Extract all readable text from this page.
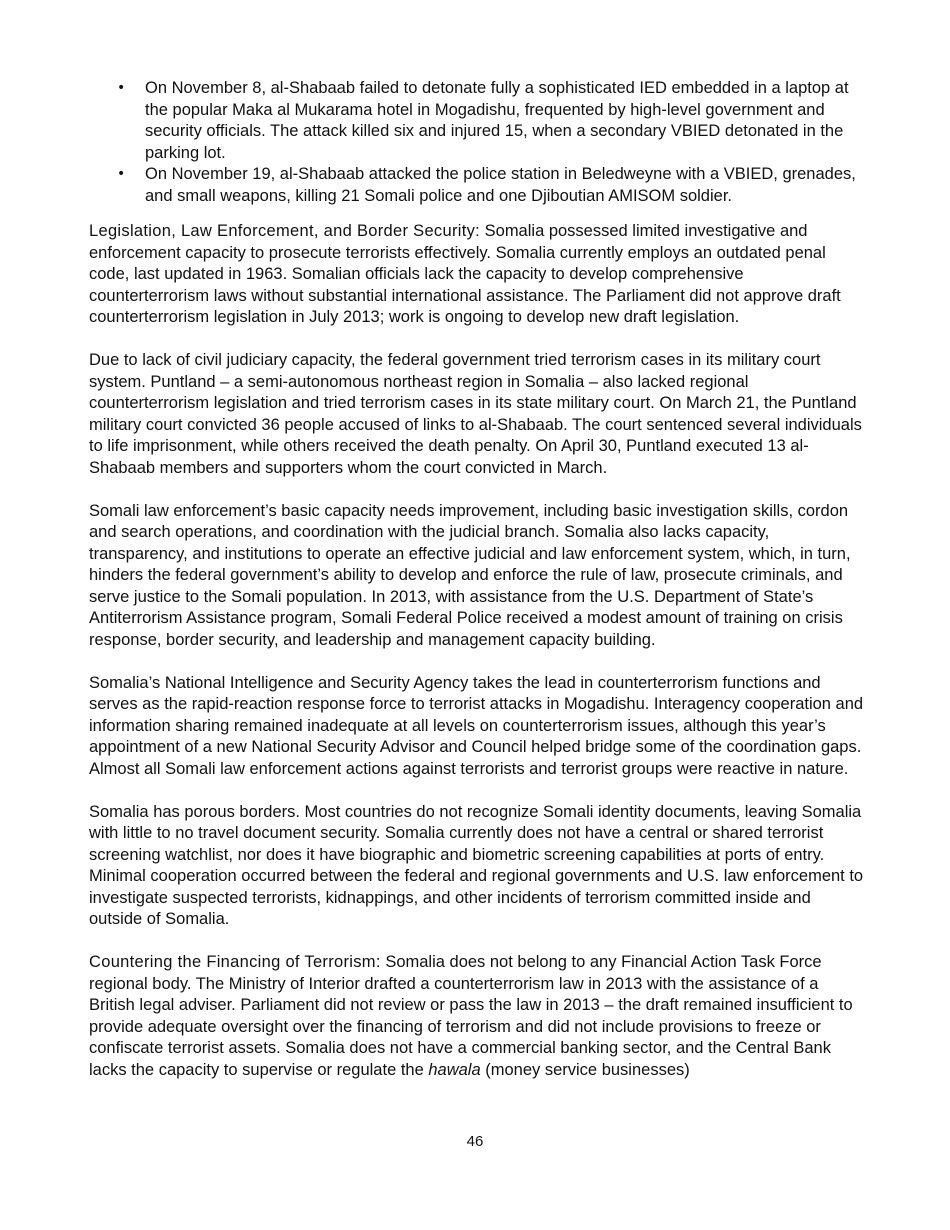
• On November 8, al-Shabaab failed to detonate fully a sophisticated IED embedded in a laptop at the popular Maka al Mukarama hotel in Mogadishu, frequented by high-level government and security officials. The attack killed six and injured 15, when a secondary VBIED detonated in the parking lot.
• On November 19, al-Shabaab attacked the police station in Beledweyne with a VBIED, grenades, and small weapons, killing 21 Somali police and one Djiboutian AMISOM soldier.

Legislation, Law Enforcement, and Border Security: Somalia possessed limited investigative and enforcement capacity to prosecute terrorists effectively. Somalia currently employs an outdated penal code, last updated in 1963. Somalian officials lack the capacity to develop comprehensive counterterrorism laws without substantial international assistance. The Parliament did not approve draft counterterrorism legislation in July 2013; work is ongoing to develop new draft legislation.

Due to lack of civil judiciary capacity, the federal government tried terrorism cases in its military court system. Puntland – a semi-autonomous northeast region in Somalia – also lacked regional counterterrorism legislation and tried terrorism cases in its state military court. On March 21, the Puntland military court convicted 36 people accused of links to al-Shabaab. The court sentenced several individuals to life imprisonment, while others received the death penalty. On April 30, Puntland executed 13 al-Shabaab members and supporters whom the court convicted in March.

Somali law enforcement’s basic capacity needs improvement, including basic investigation skills, cordon and search operations, and coordination with the judicial branch. Somalia also lacks capacity, transparency, and institutions to operate an effective judicial and law enforcement system, which, in turn, hinders the federal government’s ability to develop and enforce the rule of law, prosecute criminals, and serve justice to the Somali population. In 2013, with assistance from the U.S. Department of State’s Antiterrorism Assistance program, Somali Federal Police received a modest amount of training on crisis response, border security, and leadership and management capacity building.

Somalia’s National Intelligence and Security Agency takes the lead in counterterrorism functions and serves as the rapid-reaction response force to terrorist attacks in Mogadishu. Interagency cooperation and information sharing remained inadequate at all levels on counterterrorism issues, although this year’s appointment of a new National Security Advisor and Council helped bridge some of the coordination gaps. Almost all Somali law enforcement actions against terrorists and terrorist groups were reactive in nature.

Somalia has porous borders. Most countries do not recognize Somali identity documents, leaving Somalia with little to no travel document security. Somalia currently does not have a central or shared terrorist screening watchlist, nor does it have biographic and biometric screening capabilities at ports of entry. Minimal cooperation occurred between the federal and regional governments and U.S. law enforcement to investigate suspected terrorists, kidnappings, and other incidents of terrorism committed inside and outside of Somalia.

Countering the Financing of Terrorism: Somalia does not belong to any Financial Action Task Force regional body. The Ministry of Interior drafted a counterterrorism law in 2013 with the assistance of a British legal adviser. Parliament did not review or pass the law in 2013 – the draft remained insufficient to provide adequate oversight over the financing of terrorism and did not include provisions to freeze or confiscate terrorist assets. Somalia does not have a commercial banking sector, and the Central Bank lacks the capacity to supervise or regulate the hawala (money service businesses)

46
